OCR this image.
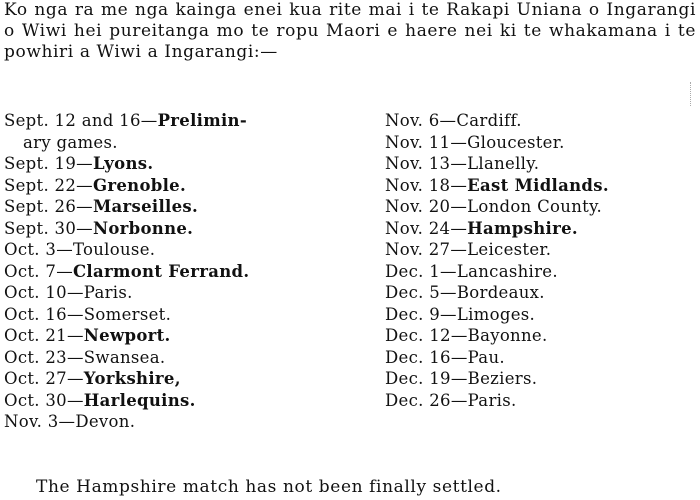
Ko nga ra me nga kainga enei kua rite mai i te Rakapi Uniana o Ingarangi o Wiwi hei pureitanga mo te ropu Maori e haere nei ki te whakamana i te powhiri a Wiwi a Ingarangi:—

Sept. 12 and 16—Prelimin-
ary games.
Sept. 19—Lyons.
Sept. 22—Grenoble.
Sept. 26—Marseilles.
Sept. 30—Norbonne.
Oct. 3—Toulouse.
Oct. 7—Clarmont Ferrand.
Oct. 10—Paris.
Oct. 16—Somerset.
Oct. 21—Newport.
Oct. 23—Swansea.
Oct. 27—Yorkshire,
Oct. 30—Harlequins.
Nov. 3—Devon.
Nov. 6—Cardiff.
Nov. 11—Gloucester.
Nov. 13—Llanelly.
Nov. 18—East Midlands.
Nov. 20—London County.
Nov. 24—Hampshire.
Nov. 27—Leicester.
Dec. 1—Lancashire.
Dec. 5—Bordeaux.
Dec. 9—Limoges.
Dec. 12—Bayonne.
Dec. 16—Pau.
Dec. 19—Beziers.
Dec. 26—Paris.
The Hampshire match has not been finally settled.
